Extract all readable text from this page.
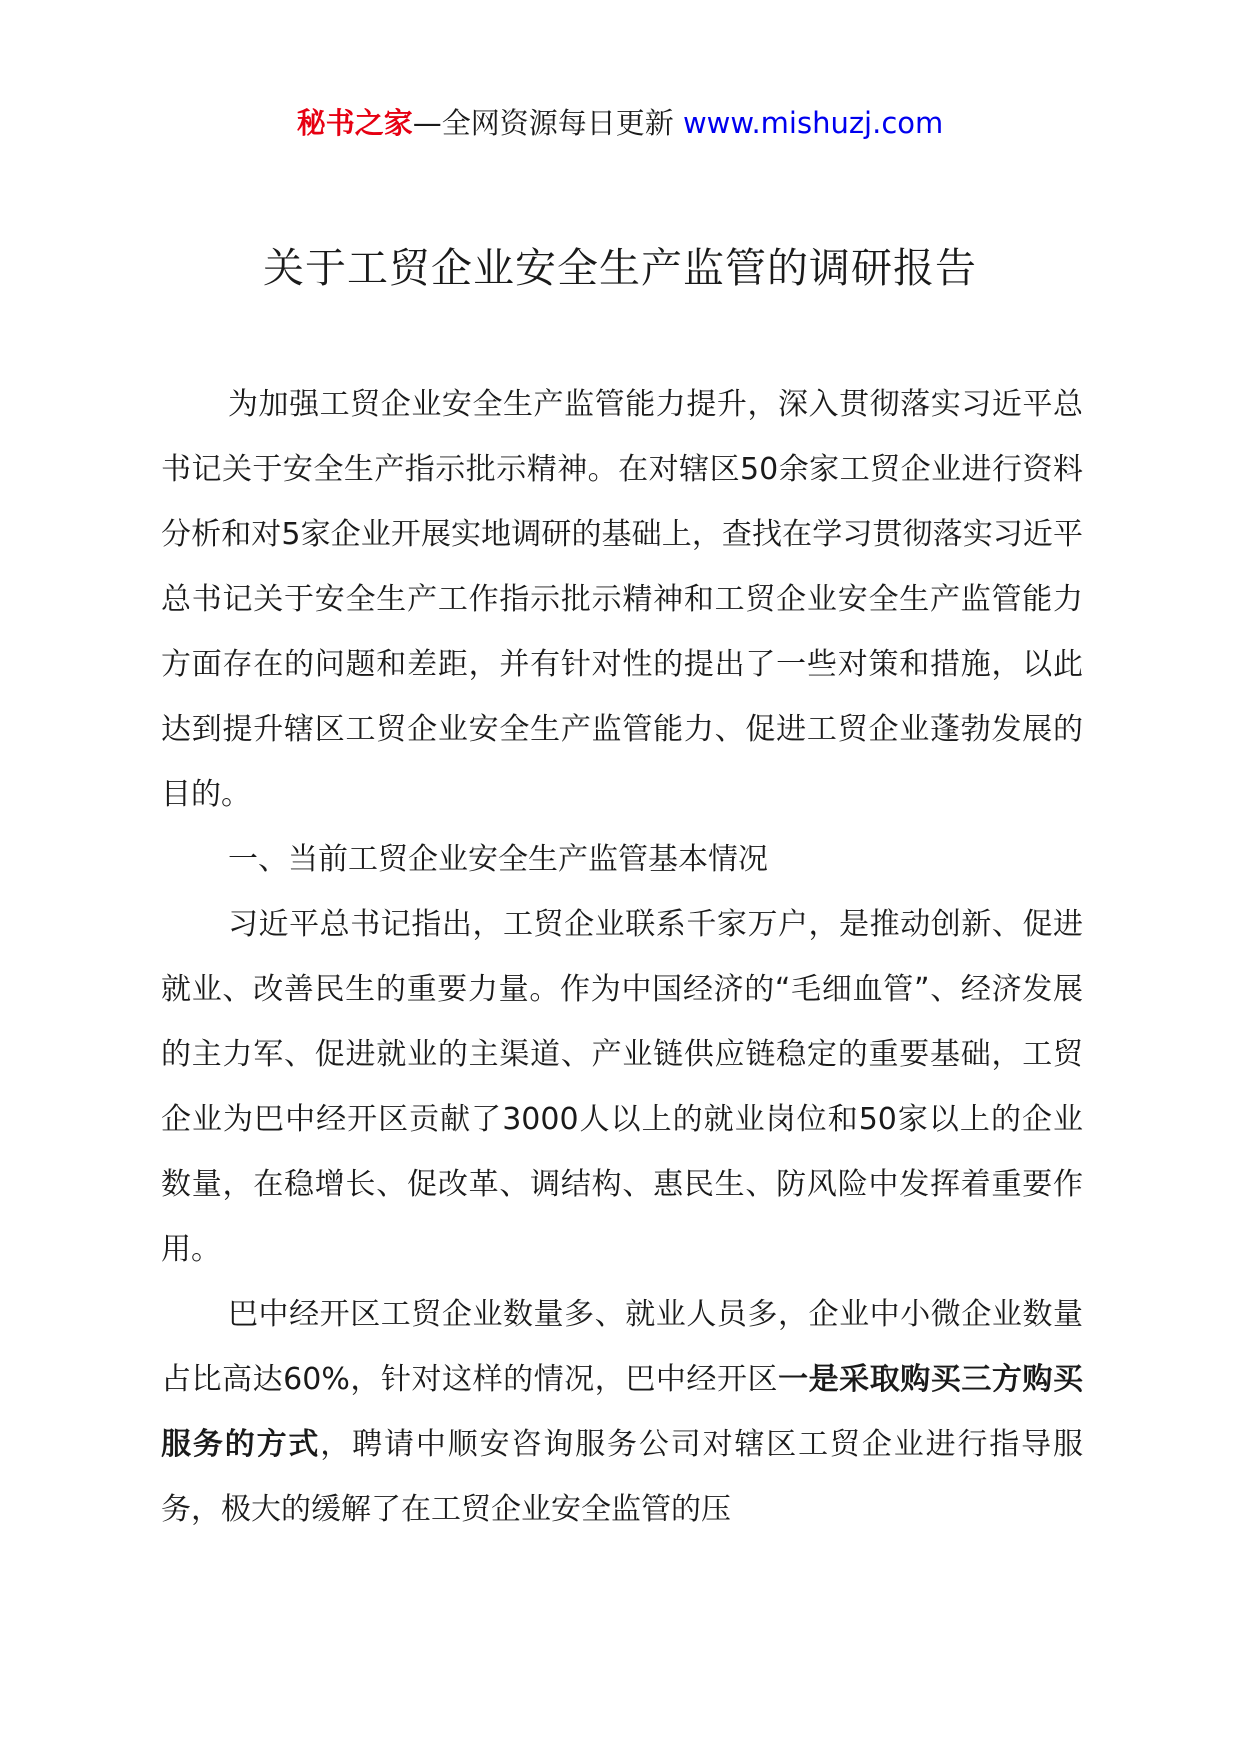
秘书之家—全网资源每日更新 www.mishuzj.com
关于工贸企业安全生产监管的调研报告
为加强工贸企业安全生产监管能力提升，深入贯彻落实习近平总书记关于安全生产指示批示精神。在对辖区50余家工贸企业进行资料分析和对5家企业开展实地调研的基础上，查找在学习贯彻落实习近平总书记关于安全生产工作指示批示精神和工贸企业安全生产监管能力方面存在的问题和差距，并有针对性的提出了一些对策和措施，以此达到提升辖区工贸企业安全生产监管能力、促进工贸企业蓬勃发展的目的。
一、当前工贸企业安全生产监管基本情况
习近平总书记指出，工贸企业联系千家万户，是推动创新、促进就业、改善民生的重要力量。作为中国经济的“毛细血管”、经济发展的主力军、促进就业的主渠道、产业链供应链稳定的重要基础，工贸企业为巴中经开区贡献了3000人以上的就业岗位和50家以上的企业数量，在稳增长、促改革、调结构、惠民生、防风险中发挥着重要作用。
巴中经开区工贸企业数量多、就业人员多，企业中小微企业数量占比高达60%，针对这样的情况，巴中经开区一是采取购买三方购买服务的方式，聘请中顺安咨询服务公司对辖区工贸企业进行指导服务，极大的缓解了在工贸企业安全监管的压
